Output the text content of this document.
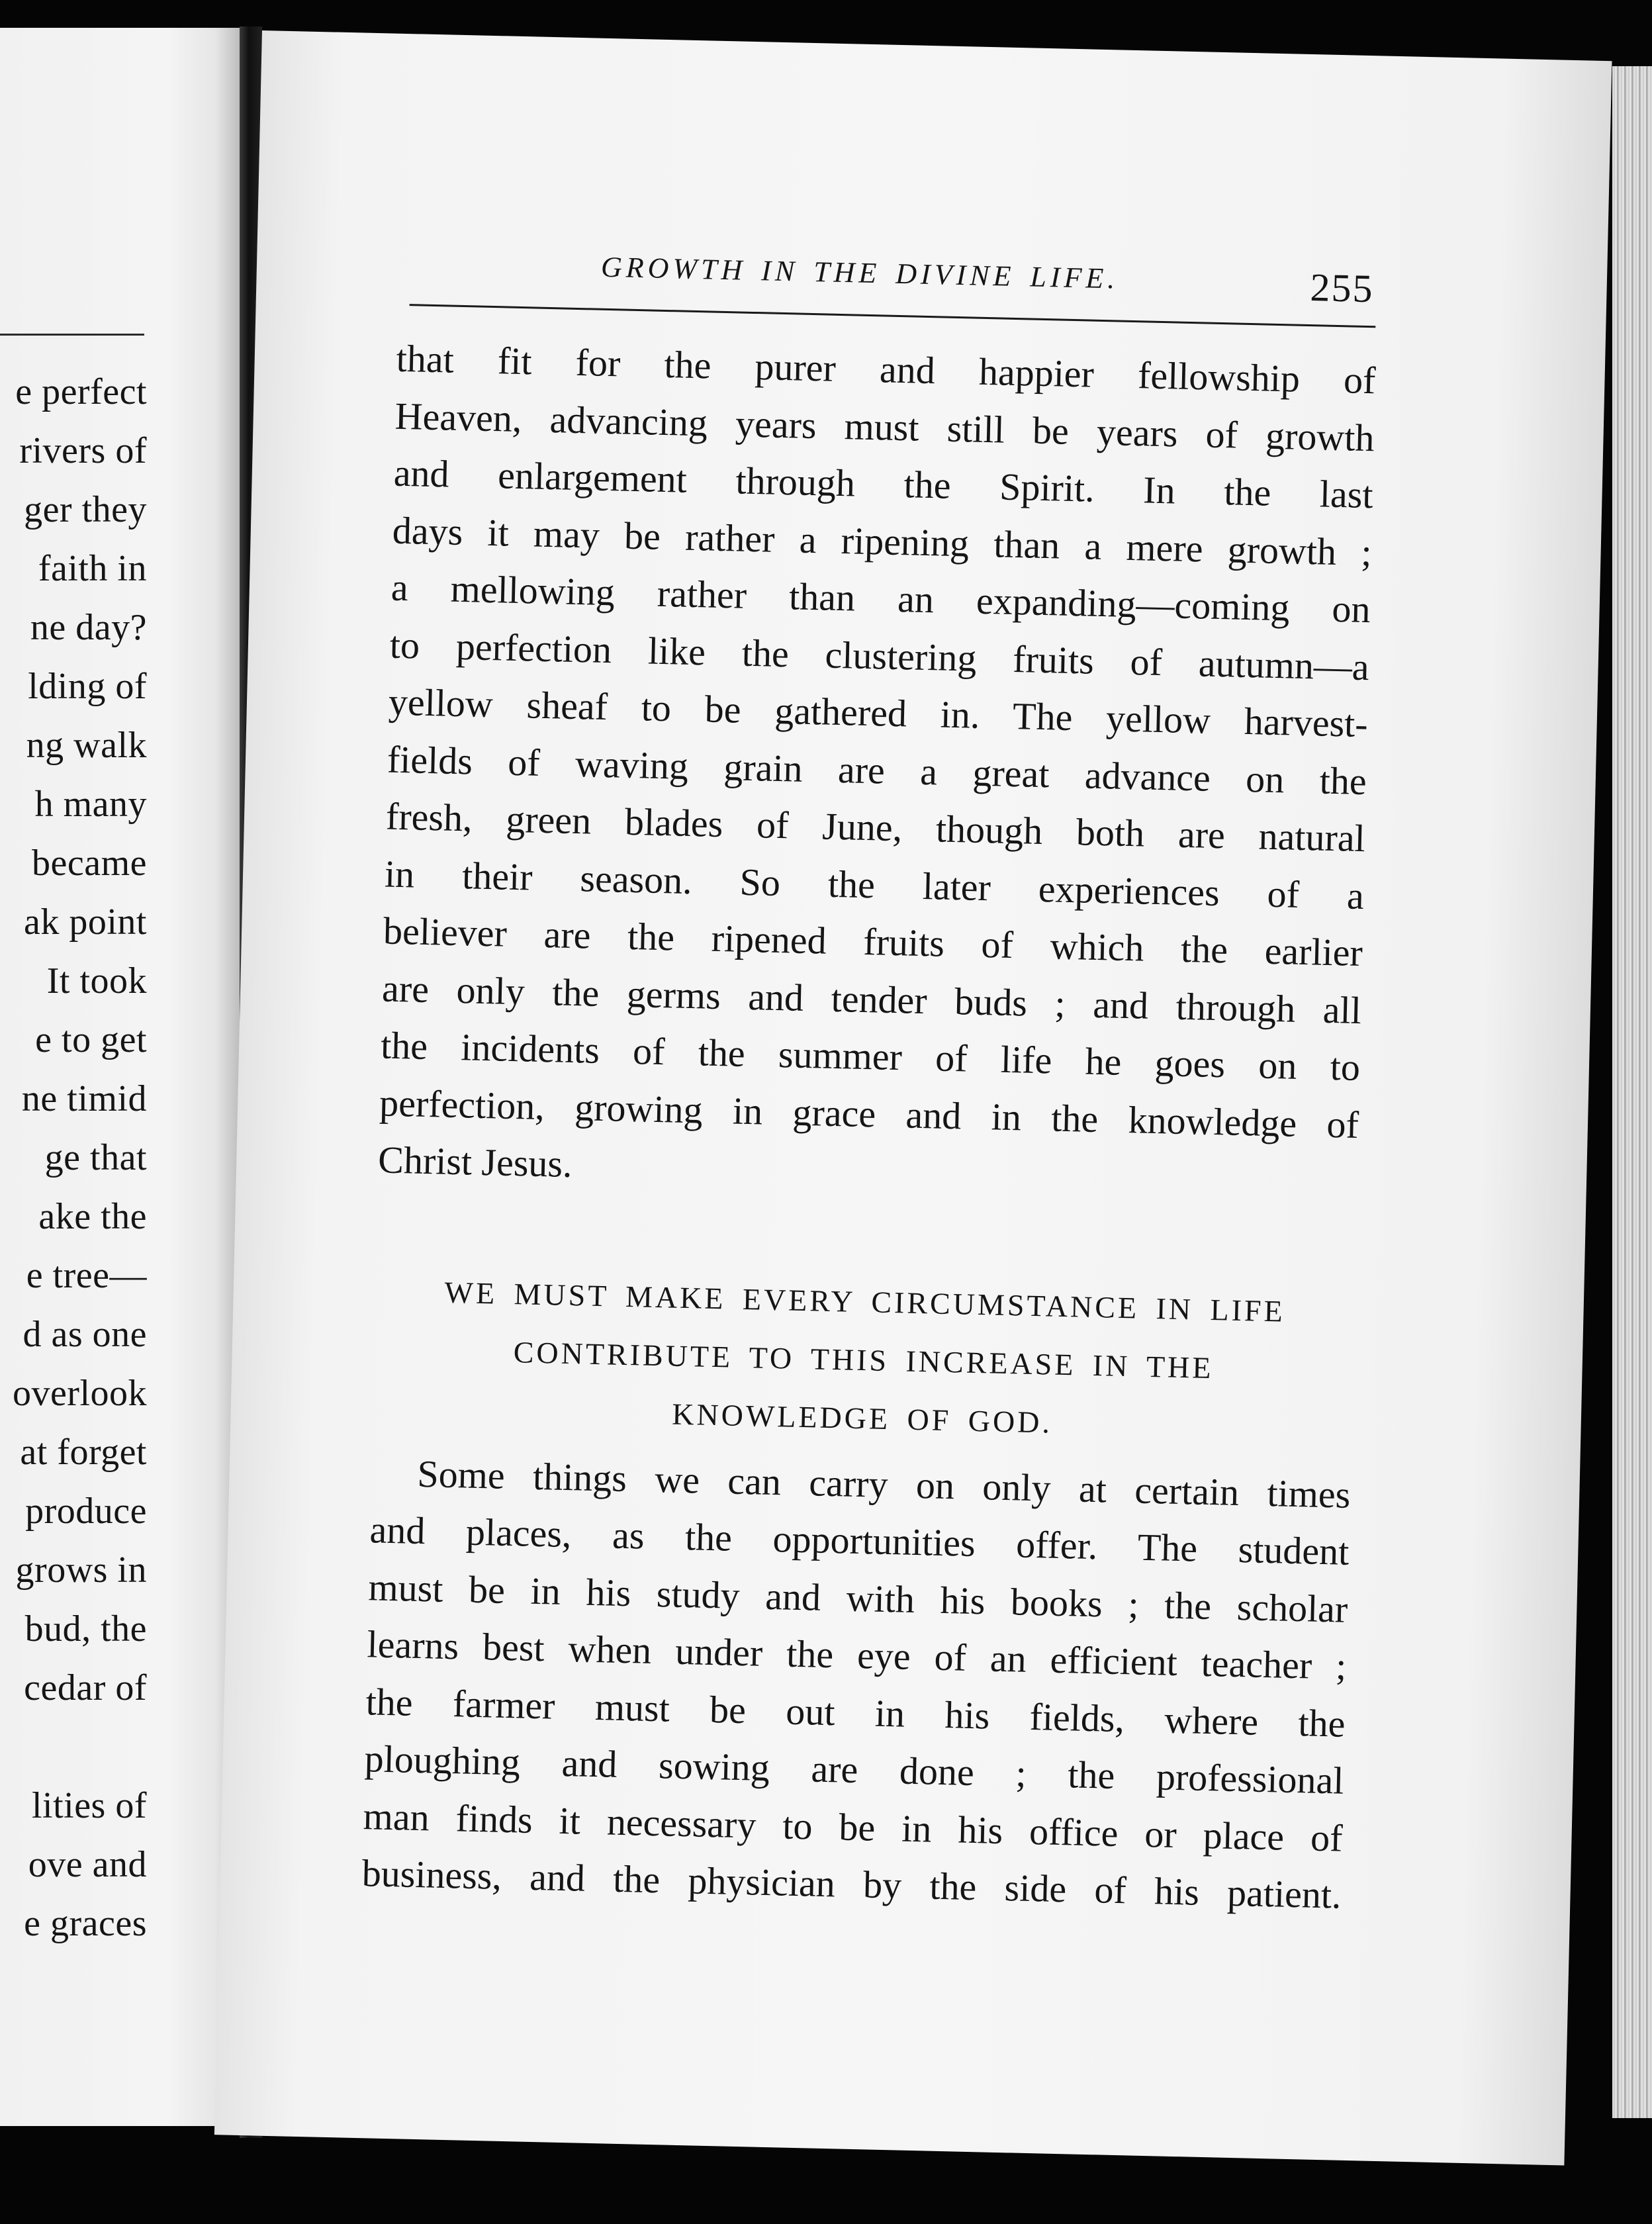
e perfect
rivers of
ger they
faith in
ne day?
lding of
ng walk
h many
became
ak point
It took
e to get
ne timid
ge that
ake the
e tree—
d as one
overlook
at forget
produce
grows in
bud, the
cedar of

lities of
ove and
e graces
GROWTH IN THE DIVINE LIFE.	255
that fit for the purer and happier fellowship of
Heaven, advancing years must still be years of growth
and enlargement through the Spirit. In the last
days it may be rather a ripening than a mere growth ;
a mellowing rather than an expanding—coming on
to perfection like the clustering fruits of autumn—a
yellow sheaf to be gathered in. The yellow harvest-
fields of waving grain are a great advance on the
fresh, green blades of June, though both are natural
in their season. So the later experiences of a
believer are the ripened fruits of which the earlier
are only the germs and tender buds ; and through all
the incidents of the summer of life he goes on to
perfection, growing in grace and in the knowledge of
Christ Jesus.
WE MUST MAKE EVERY CIRCUMSTANCE IN LIFE
CONTRIBUTE TO THIS INCREASE IN THE
KNOWLEDGE OF GOD.
Some things we can carry on only at certain times
and places, as the opportunities offer. The student
must be in his study and with his books ; the scholar
learns best when under the eye of an efficient teacher ;
the farmer must be out in his fields, where the
ploughing and sowing are done ; the professional
man finds it necessary to be in his office or place of
business, and the physician by the side of his patient.
